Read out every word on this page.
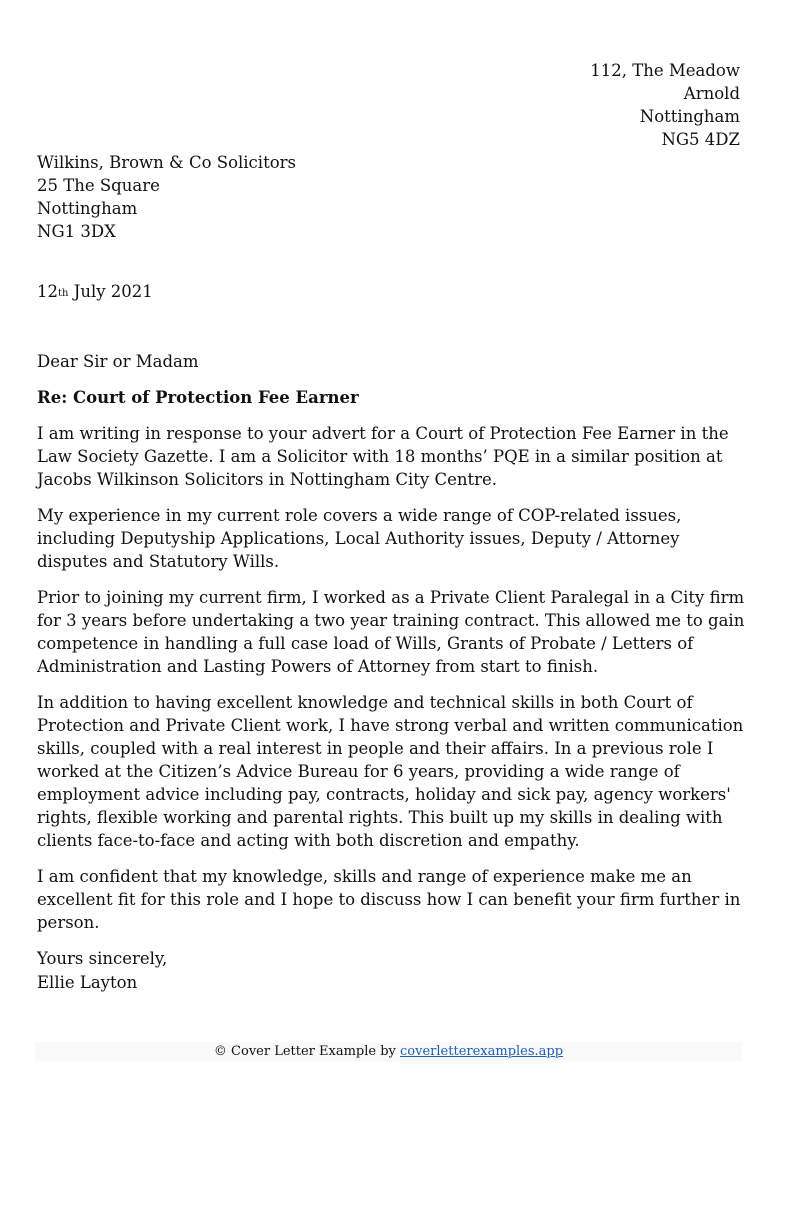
112, The Meadow
Arnold
Nottingham
NG5 4DZ
Wilkins, Brown & Co Solicitors
25 The Square
Nottingham
NG1 3DX
12th July 2021

Dear Sir or Madam

Re: Court of Protection Fee Earner

I am writing in response to your advert for a Court of Protection Fee Earner in the Law Society Gazette. I am a Solicitor with 18 months’ PQE in a similar position at Jacobs Wilkinson Solicitors in Nottingham City Centre.

My experience in my current role covers a wide range of COP-related issues, including Deputyship Applications, Local Authority issues, Deputy / Attorney disputes and Statutory Wills.

Prior to joining my current firm, I worked as a Private Client Paralegal in a City firm for 3 years before undertaking a two year training contract. This allowed me to gain competence in handling a full case load of Wills, Grants of Probate / Letters of Administration and Lasting Powers of Attorney from start to finish.

In addition to having excellent knowledge and technical skills in both Court of Protection and Private Client work, I have strong verbal and written communication skills, coupled with a real interest in people and their affairs. In a previous role I worked at the Citizen’s Advice Bureau for 6 years, providing a wide range of employment advice including pay, contracts, holiday and sick pay, agency workers' rights, flexible working and parental rights. This built up my skills in dealing with clients face-to-face and acting with both discretion and empathy.

I am confident that my knowledge, skills and range of experience make me an excellent fit for this role and I hope to discuss how I can benefit your firm further in person.

Yours sincerely,

Ellie Layton
© Cover Letter Example by coverletterexamples.app
